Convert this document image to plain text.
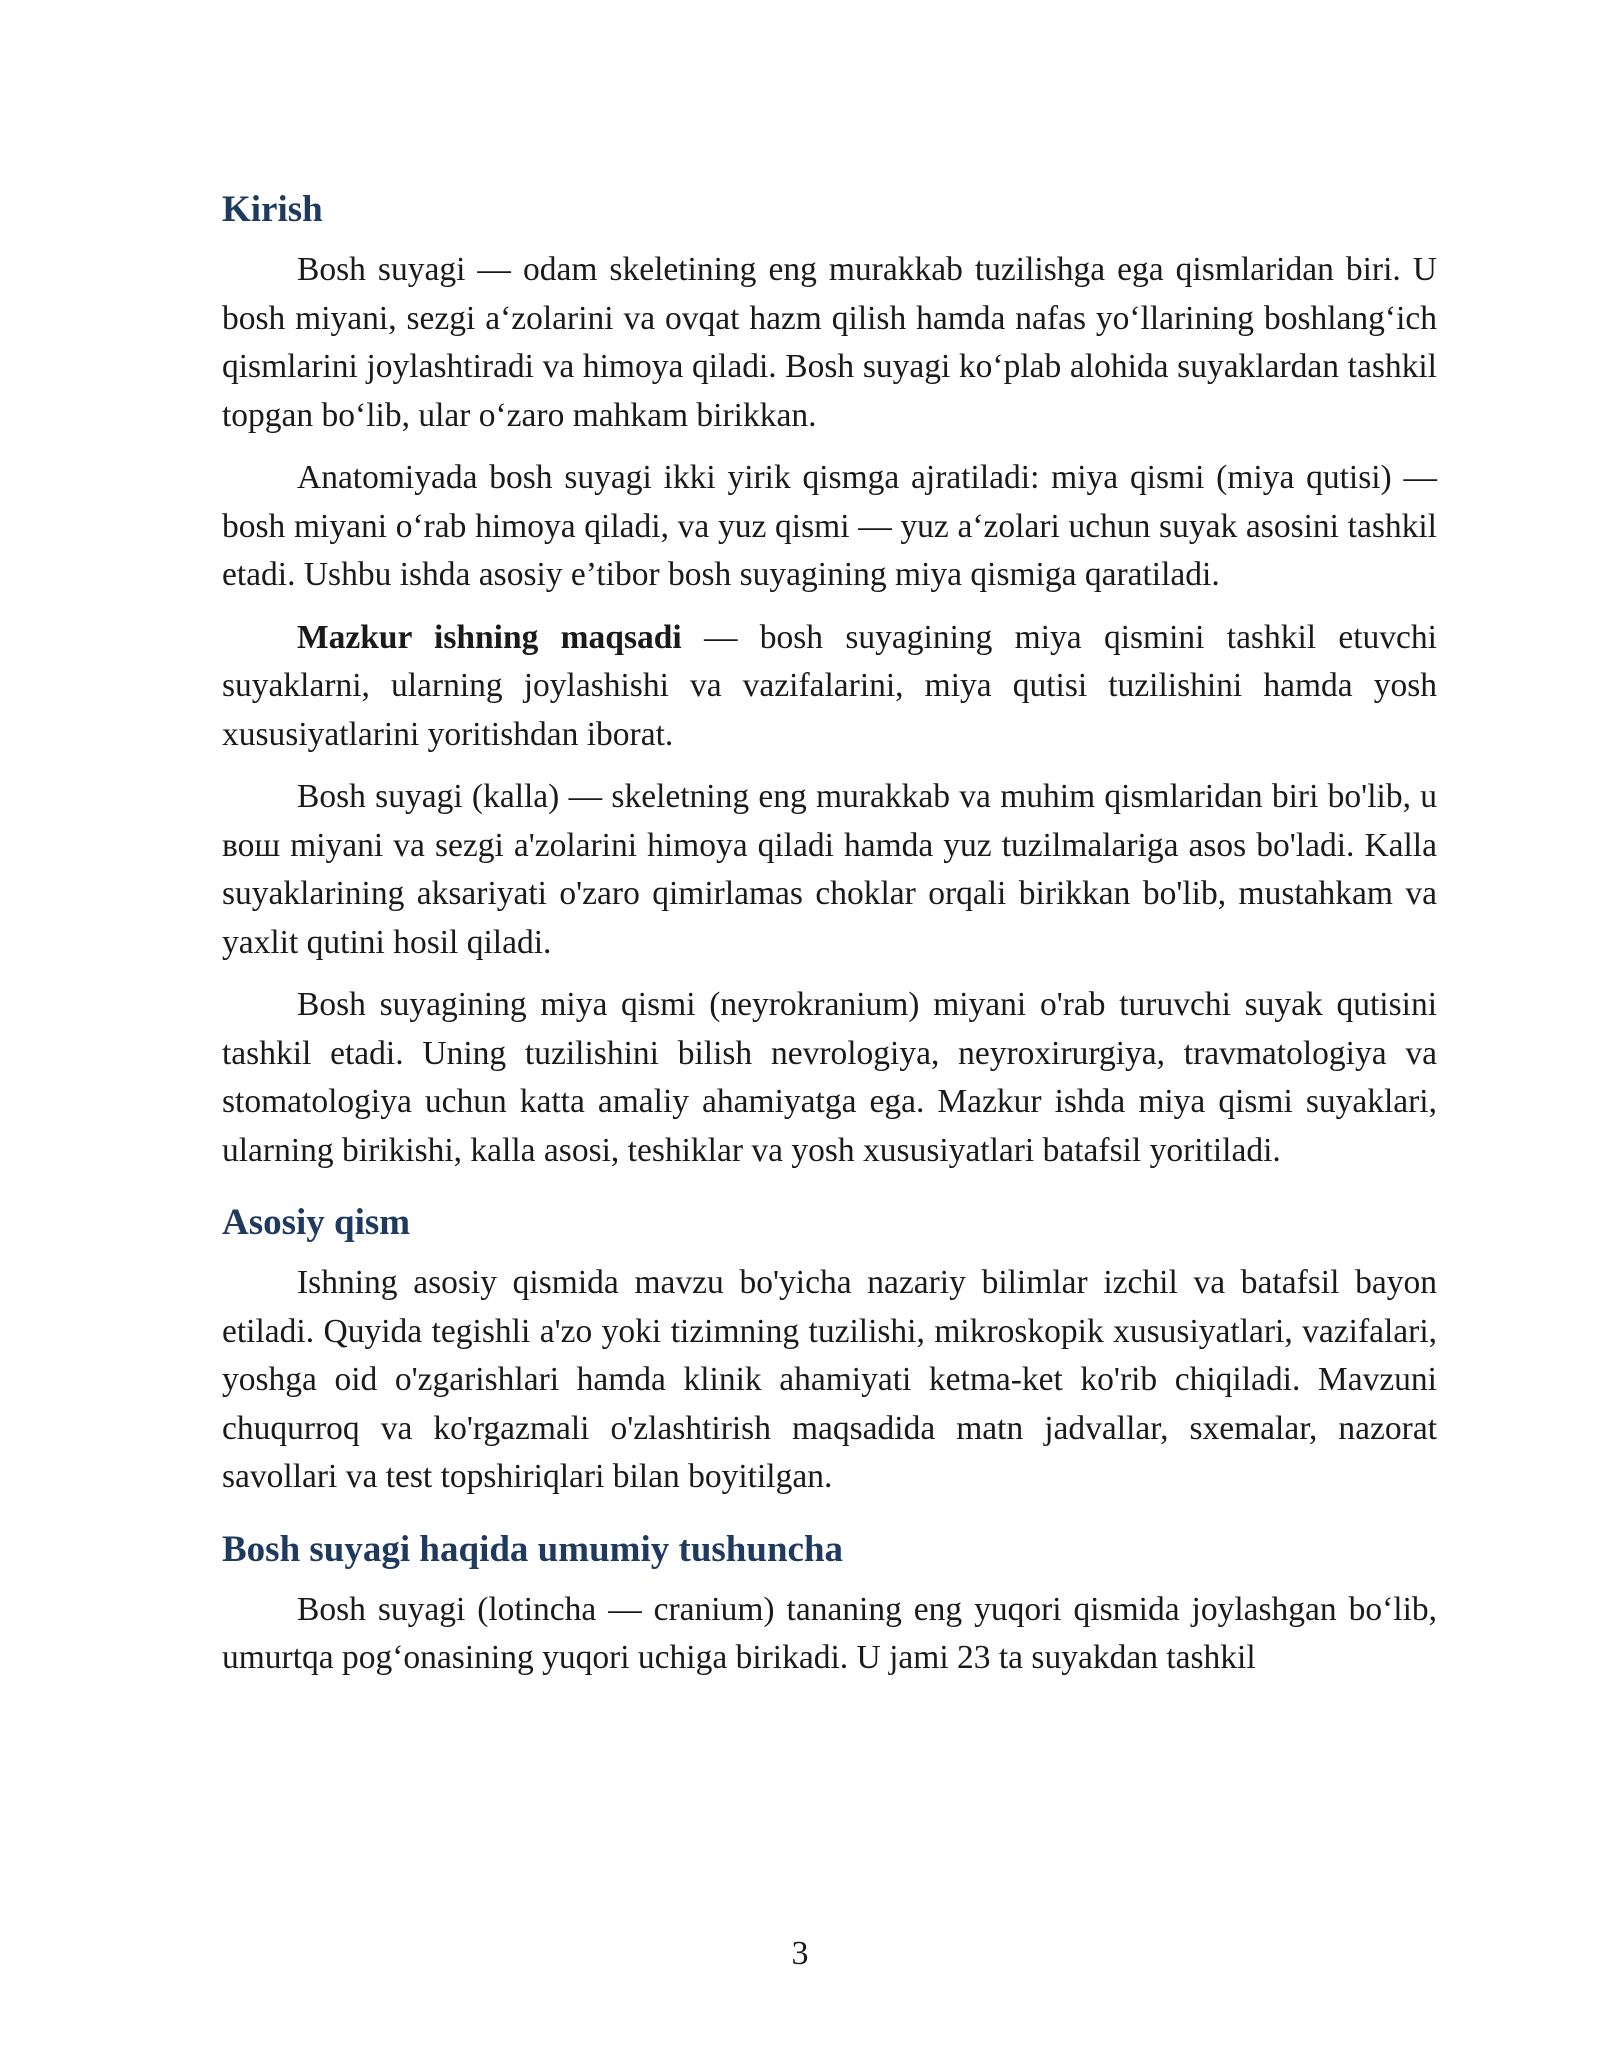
Kirish

Bosh suyagi — odam skeletining eng murakkab tuzilishga ega qismlaridan biri. U bosh miyani, sezgi a‘zolarini va ovqat hazm qilish hamda nafas yo‘llarining boshlang‘ich qismlarini joylashtiradi va himoya qiladi. Bosh suyagi ko‘plab alohida suyaklardan tashkil topgan bo‘lib, ular o‘zaro mahkam birikkan.

Anatomiyada bosh suyagi ikki yirik qismga ajratiladi: miya qismi (miya qutisi) — bosh miyani o‘rab himoya qiladi, va yuz qismi — yuz a‘zolari uchun suyak asosini tashkil etadi. Ushbu ishda asosiy e’tibor bosh suyagining miya qismiga qaratiladi.

Mazkur ishning maqsadi — bosh suyagining miya qismini tashkil etuvchi suyaklarni, ularning joylashishi va vazifalarini, miya qutisi tuzilishini hamda yosh xususiyatlarini yoritishdan iborat.

Bosh suyagi (kalla) — skeletning eng murakkab va muhim qismlaridan biri bo'lib, u вош miyani va sezgi a'zolarini himoya qiladi hamda yuz tuzilmalariga asos bo'ladi. Kalla suyaklarining aksariyati o'zaro qimirlamas choklar orqali birikkan bo'lib, mustahkam va yaxlit qutini hosil qiladi.

Bosh suyagining miya qismi (neyrokranium) miyani o'rab turuvchi suyak qutisini tashkil etadi. Uning tuzilishini bilish nevrologiya, neyroxirurgiya, travmatologiya va stomatologiya uchun katta amaliy ahamiyatga ega. Mazkur ishda miya qismi suyaklari, ularning birikishi, kalla asosi, teshiklar va yosh xususiyatlari batafsil yoritiladi.

Asosiy qism

Ishning asosiy qismida mavzu bo'yicha nazariy bilimlar izchil va batafsil bayon etiladi. Quyida tegishli a'zo yoki tizimning tuzilishi, mikroskopik xususiyatlari, vazifalari, yoshga oid o'zgarishlari hamda klinik ahamiyati ketma-ket ko'rib chiqiladi. Mavzuni chuqurroq va ko'rgazmali o'zlashtirish maqsadida matn jadvallar, sxemalar, nazorat savollari va test topshiriqlari bilan boyitilgan.

Bosh suyagi haqida umumiy tushuncha

Bosh suyagi (lotincha — cranium) tananing eng yuqori qismida joylashgan bo‘lib, umurtqa pog‘onasining yuqori uchiga birikadi. U jami 23 ta suyakdan tashkil

3
